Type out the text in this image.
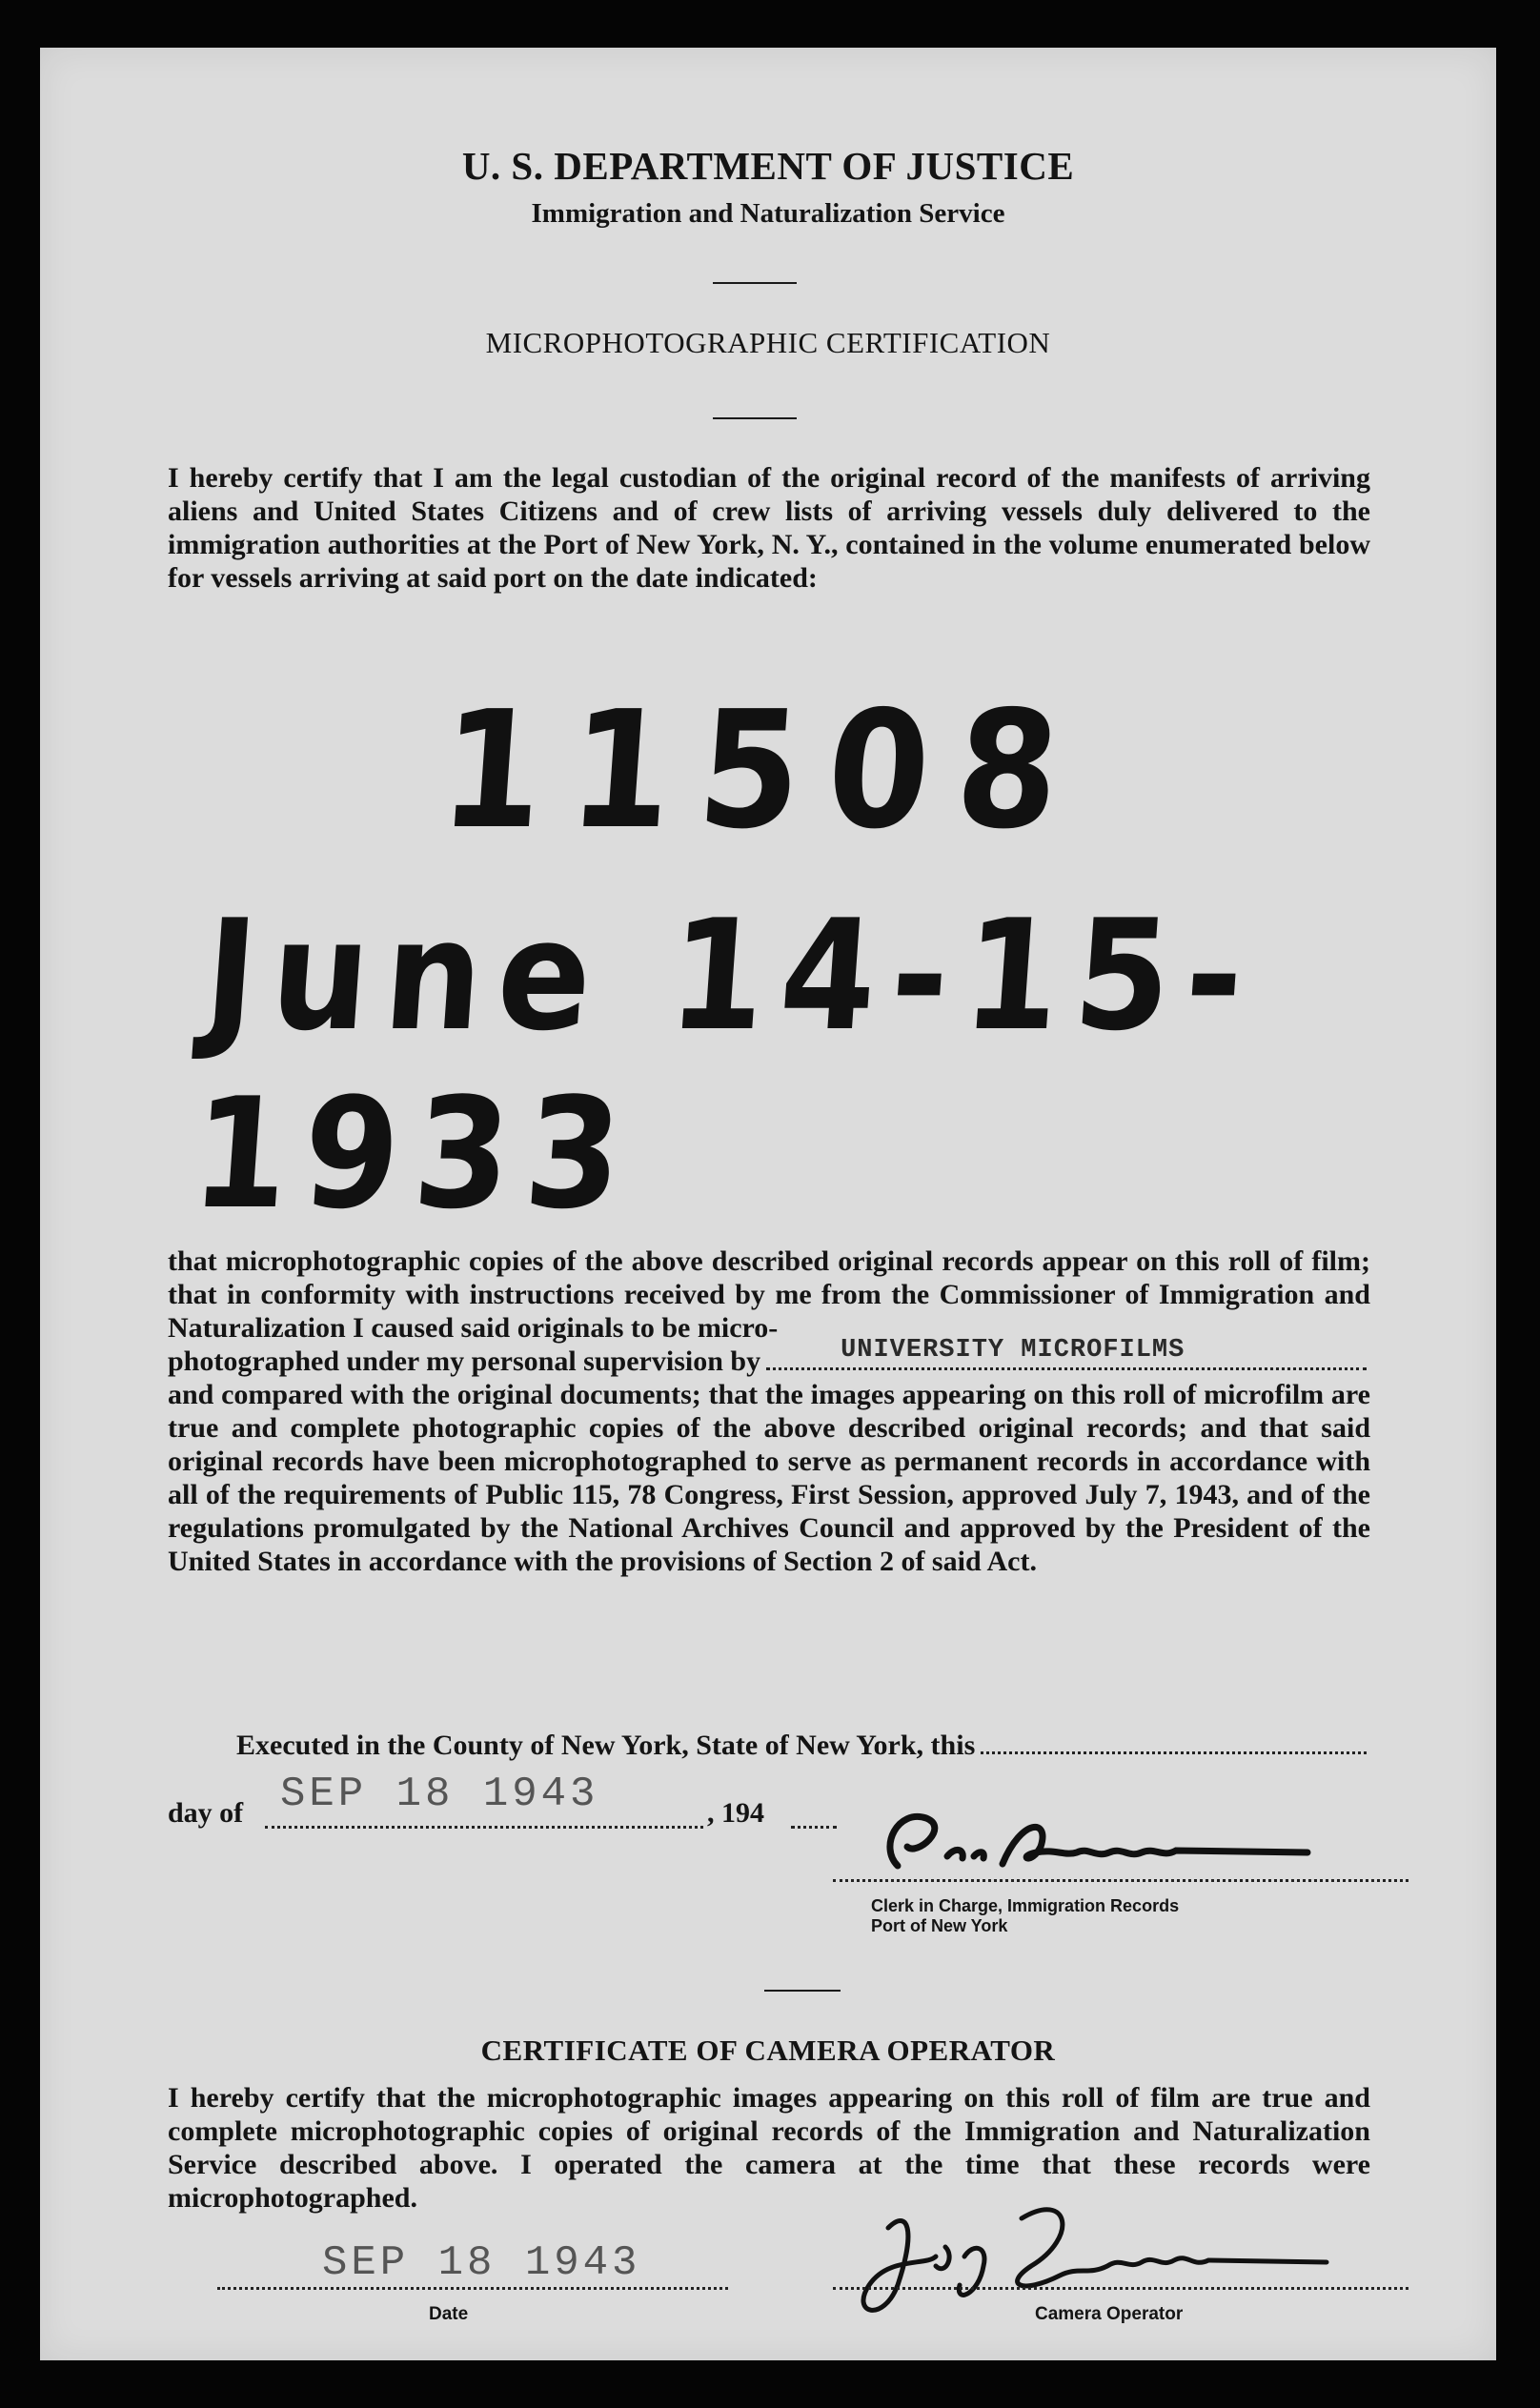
U. S. DEPARTMENT OF JUSTICE
Immigration and Naturalization Service
MICROPHOTOGRAPHIC CERTIFICATION
I hereby certify that I am the legal custodian of the original record of the manifests of arriving aliens and United States Citizens and of crew lists of arriving vessels duly delivered to the immigration authorities at the Port of New York, N. Y., contained in the volume enumerated below for vessels arriving at said port on the date indicated:
11508
June 14-15-1933
that microphotographic copies of the above described original records appear on this roll of film; that in conformity with instructions received by me from the Commissioner of Immigration and Naturalization I caused said originals to be micro-
photographed under my personal supervision by	UNIVERSITY MICROFILMS
and compared with the original documents; that the images appearing on this roll of microfilm are true and complete photographic copies of the above described original records; and that said original records have been microphotographed to serve as permanent records in accordance with all of the requirements of Public 115, 78 Congress, First Session, approved July 7, 1943, and of the regulations promulgated by the National Archives Council and approved by the President of the United States in accordance with the provisions of Section 2 of said Act.
Executed in the County of New York, State of New York, this
day of SEP 18 1943	, 194
Clerk in Charge, Immigration Records
Port of New York
CERTIFICATE OF CAMERA OPERATOR
I hereby certify that the microphotographic images appearing on this roll of film are true and complete microphotographic copies of original records of the Immigration and Naturalization Service described above. I operated the camera at the time that these records were microphotographed.
SEP 18 1943
Date	Camera Operator
